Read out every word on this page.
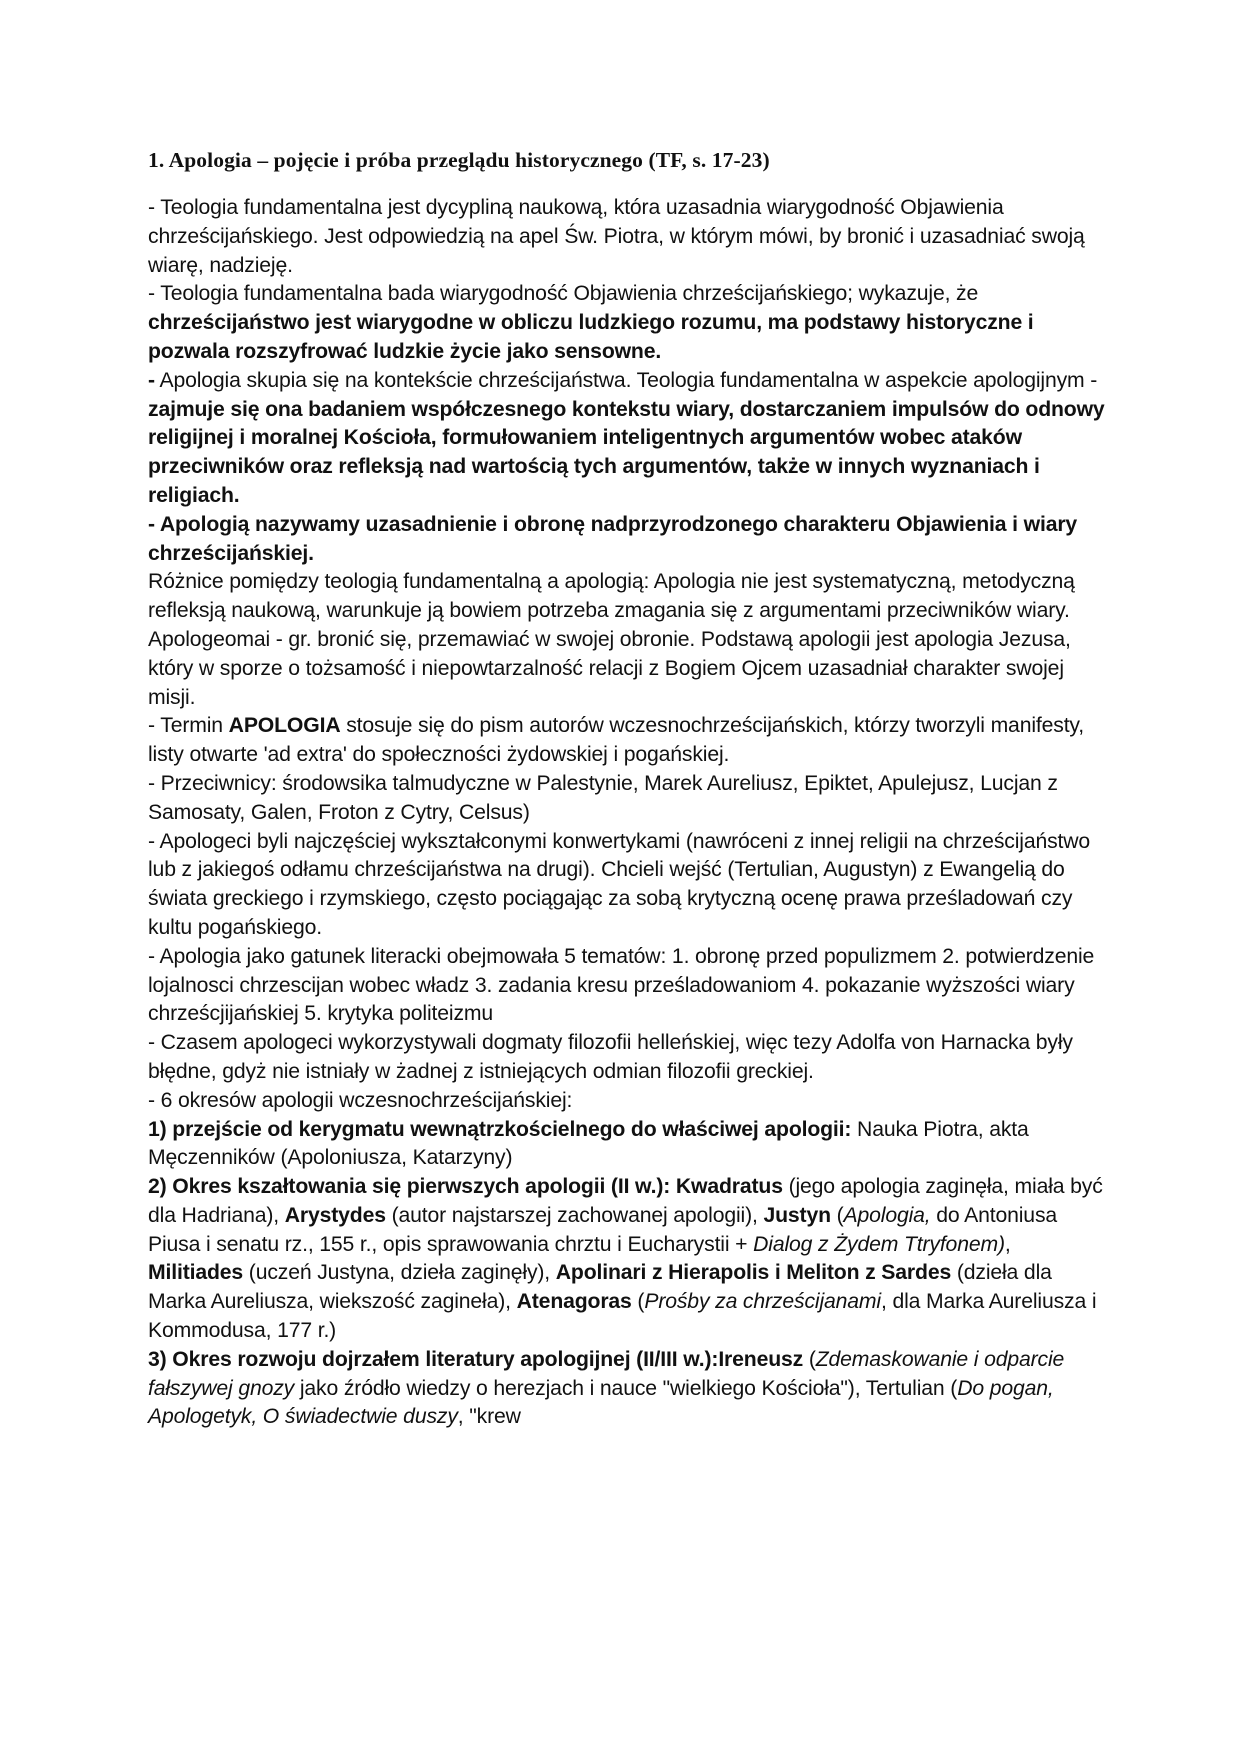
1. Apologia – pojęcie i próba przeglądu historycznego (TF, s. 17-23)

- Teologia fundamentalna jest dycypliną naukową, która uzasadnia wiarygodność Objawienia chrześcijańskiego. Jest odpowiedzią na apel Św. Piotra, w którym mówi, by bronić i uzasadniać swoją wiarę, nadzieję.

- Teologia fundamentalna bada wiarygodność Objawienia chrześcijańskiego; wykazuje, że chrześcijaństwo jest wiarygodne w obliczu ludzkiego rozumu, ma podstawy historyczne i pozwala rozszyfrować ludzkie życie jako sensowne.

- Apologia skupia się na kontekście chrześcijaństwa. Teologia fundamentalna w aspekcie apologijnym - zajmuje się ona badaniem współczesnego kontekstu wiary, dostarczaniem impulsów do odnowy religijnej i moralnej Kościoła, formułowaniem inteligentnych argumentów wobec ataków przeciwników oraz refleksją nad wartością tych argumentów, także w innych wyznaniach i religiach.

- Apologią nazywamy uzasadnienie i obronę nadprzyrodzonego charakteru Objawienia i wiary chrześcijańskiej.

Różnice pomiędzy teologią fundamentalną a apologią: Apologia nie jest systematyczną, metodyczną refleksją naukową, warunkuje ją bowiem potrzeba zmagania się z argumentami przeciwników wiary. Apologeomai - gr. bronić się, przemawiać w swojej obronie. Podstawą apologii jest apologia Jezusa, który w sporze o tożsamość i niepowtarzalność relacji z Bogiem Ojcem uzasadniał charakter swojej misji.

- Termin APOLOGIA stosuje się do pism autorów wczesnochrześcijańskich, którzy tworzyli manifesty, listy otwarte 'ad extra' do społeczności żydowskiej i pogańskiej.

- Przeciwnicy: środowsika talmudyczne w Palestynie, Marek Aureliusz, Epiktet, Apulejusz, Lucjan z Samosaty, Galen, Froton z Cytry, Celsus)

- Apologeci byli najczęściej wykształconymi konwertykami (nawróceni z innej religii na chrześcijaństwo lub z jakiegoś odłamu chrześcijaństwa na drugi). Chcieli wejść (Tertulian, Augustyn) z Ewangelią do świata greckiego i rzymskiego, często pociągając za sobą krytyczną ocenę prawa prześladowań czy kultu pogańskiego.

- Apologia jako gatunek literacki obejmowała 5 tematów: 1. obronę przed populizmem 2. potwierdzenie lojalnosci chrzescijan wobec władz 3. zadania kresu prześladowaniom 4. pokazanie wyższości wiary chrześcjijańskiej 5. krytyka politeizmu

- Czasem apologeci wykorzystywali dogmaty filozofii helleńskiej, więc tezy Adolfa von Harnacka były błędne, gdyż nie istniały w żadnej z istniejących odmian filozofii greckiej.

- 6 okresów apologii wczesnochrześcijańskiej:

1) przejście od kerygmatu wewnątrzkościelnego do właściwej apologii: Nauka Piotra, akta Męczenników (Apoloniusza, Katarzyny)

2) Okres kszałtowania się pierwszych apologii (II w.): Kwadratus (jego apologia zaginęła, miała być dla Hadriana), Arystydes (autor najstarszej zachowanej apologii), Justyn (Apologia, do Antoniusa Piusa i senatu rz., 155 r., opis sprawowania chrztu i Eucharystii + Dialog z Żydem Ttryfonem), Militiades (uczeń Justyna, dzieła zaginęły), Apolinari z Hierapolis i Meliton z Sardes (dzieła dla Marka Aureliusza, wiekszość zagineła), Atenagoras (Prośby za chrześcijanami, dla Marka Aureliusza i Kommodusa, 177 r.)

3) Okres rozwoju dojrzałem literatury apologijnej (II/III w.):Ireneusz (Zdemaskowanie i odparcie fałszywej gnozy jako źródło wiedzy o herezjach i nauce "wielkiego Kościoła"), Tertulian (Do pogan, Apologetyk, O świadectwie duszy, "krew
